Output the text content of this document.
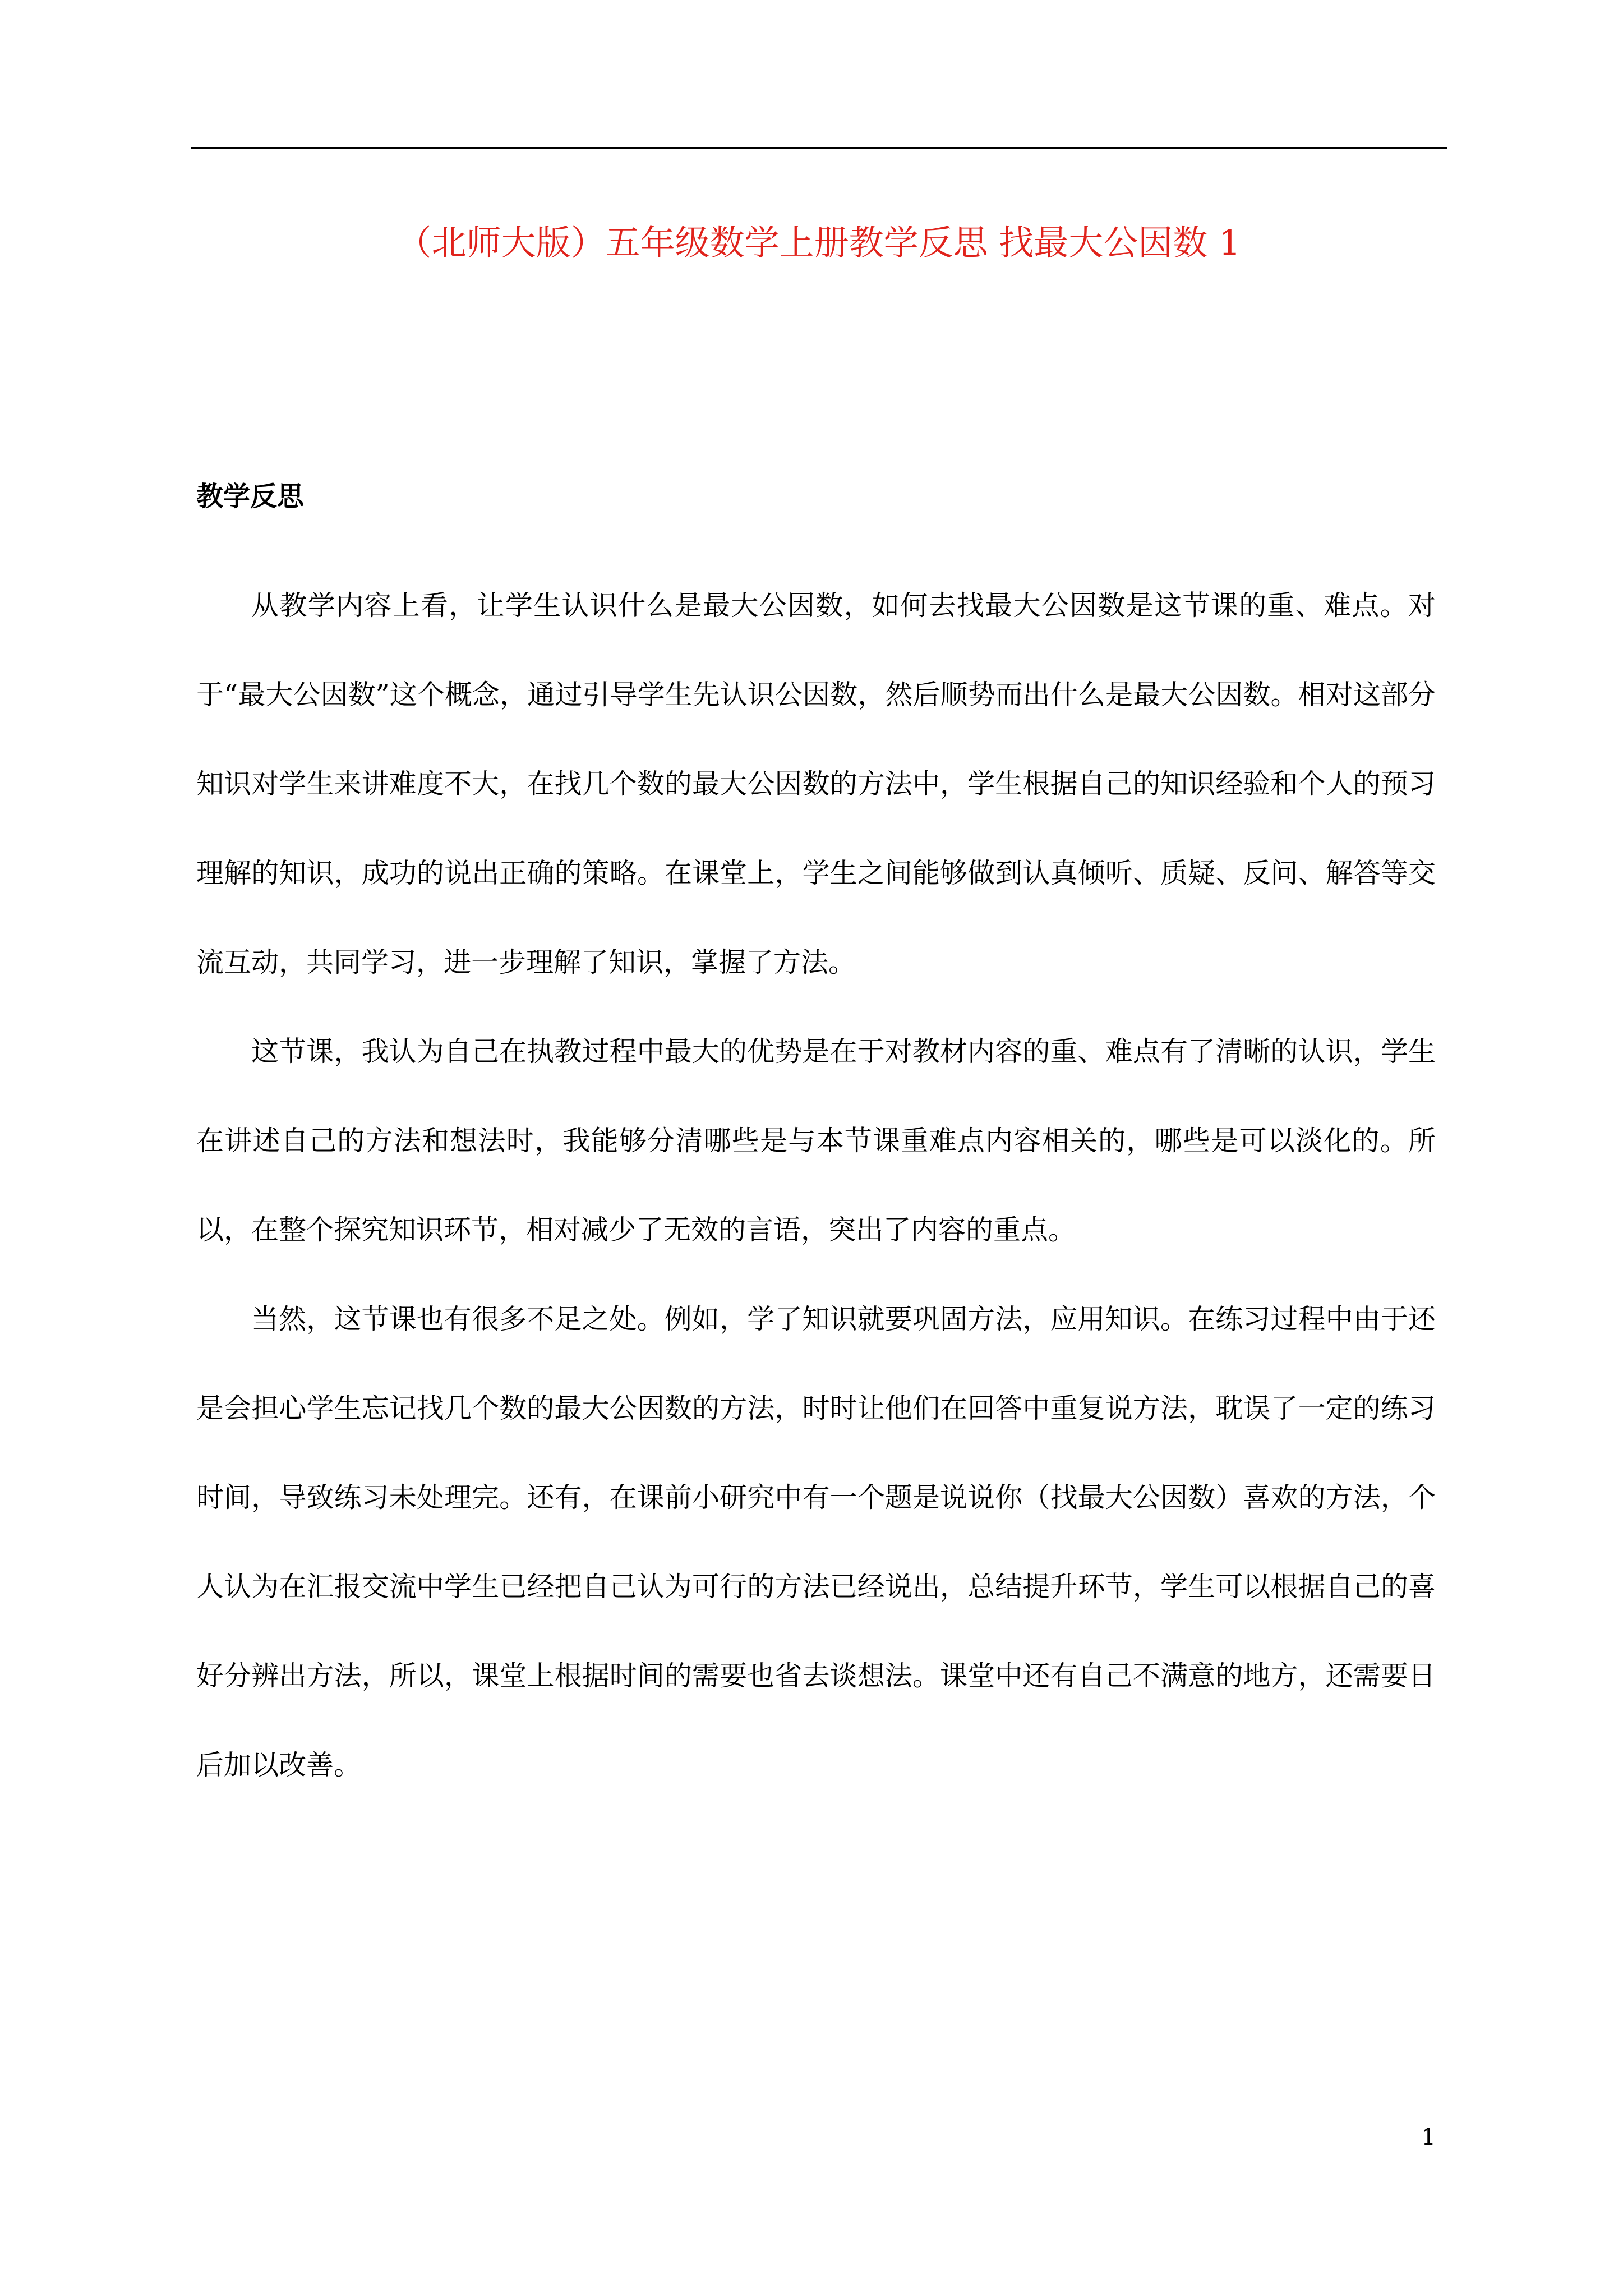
（北师大版）五年级数学上册教学反思 找最大公因数 1
教学反思

从教学内容上看，让学生认识什么是最大公因数，如何去找最大公因数是这节课的重、难点。对于“最大公因数”这个概念，通过引导学生先认识公因数，然后顺势而出什么是最大公因数。相对这部分知识对学生来讲难度不大，在找几个数的最大公因数的方法中，学生根据自己的知识经验和个人的预习理解的知识，成功的说出正确的策略。在课堂上，学生之间能够做到认真倾听、质疑、反问、解答等交流互动，共同学习，进一步理解了知识，掌握了方法。

这节课，我认为自己在执教过程中最大的优势是在于对教材内容的重、难点有了清晰的认识，学生在讲述自己的方法和想法时，我能够分清哪些是与本节课重难点内容相关的，哪些是可以淡化的。所以，在整个探究知识环节，相对减少了无效的言语，突出了内容的重点。

当然，这节课也有很多不足之处。例如，学了知识就要巩固方法，应用知识。在练习过程中由于还是会担心学生忘记找几个数的最大公因数的方法，时时让他们在回答中重复说方法，耽误了一定的练习时间，导致练习未处理完。还有，在课前小研究中有一个题是说说你（找最大公因数）喜欢的方法，个人认为在汇报交流中学生已经把自己认为可行的方法已经说出，总结提升环节，学生可以根据自己的喜好分辨出方法，所以，课堂上根据时间的需要也省去谈想法。课堂中还有自己不满意的地方，还需要日后加以改善。

1
